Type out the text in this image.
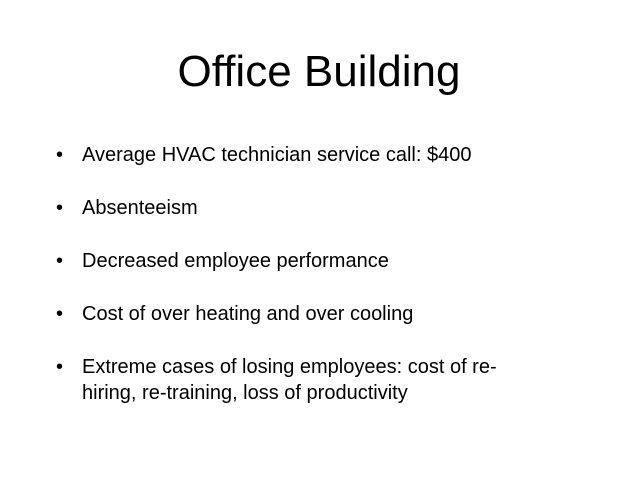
Office Building
•
Average HVAC technician service call: $400
•
Absenteeism
•
Decreased employee performance
•
Cost of over heating and over cooling
•
Extreme cases of losing employees: cost of re-
hiring, re-training, loss of productivity
